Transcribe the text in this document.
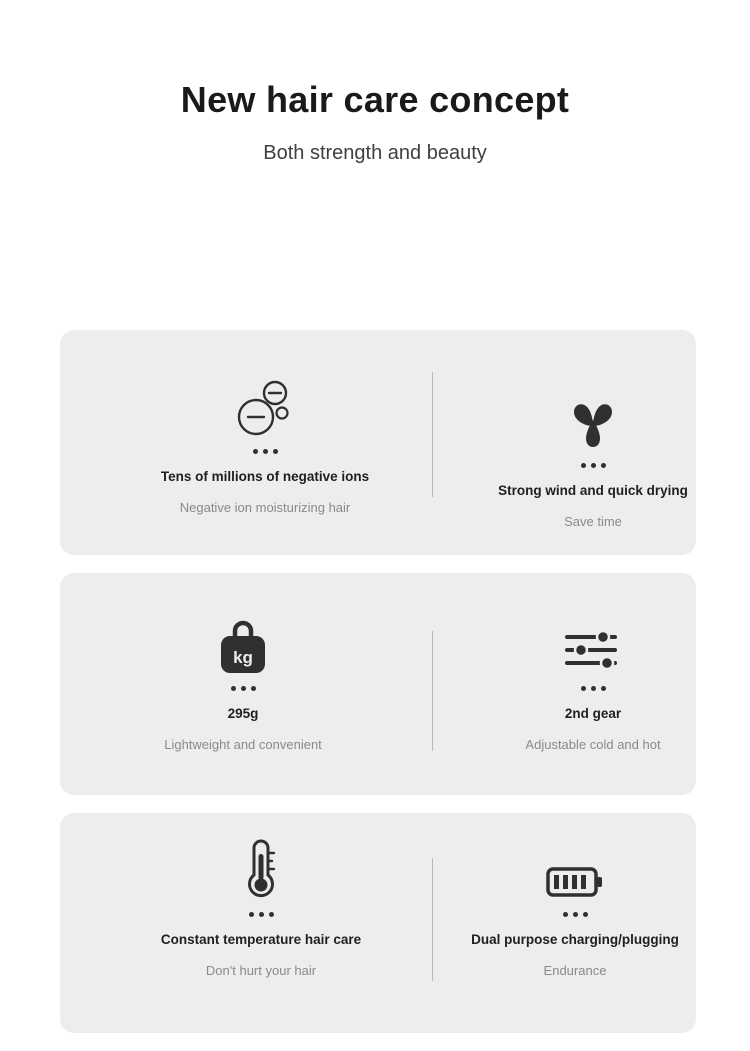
New hair care concept

Both strength and beauty

Tens of millions of negative ions
Negative ion moisturizing hair
Strong wind and quick drying
Save time
kg
295g
Lightweight and convenient
2nd gear
Adjustable cold and hot
Constant temperature hair care
Don't hurt your hair
Dual purpose charging/plugging
Endurance
